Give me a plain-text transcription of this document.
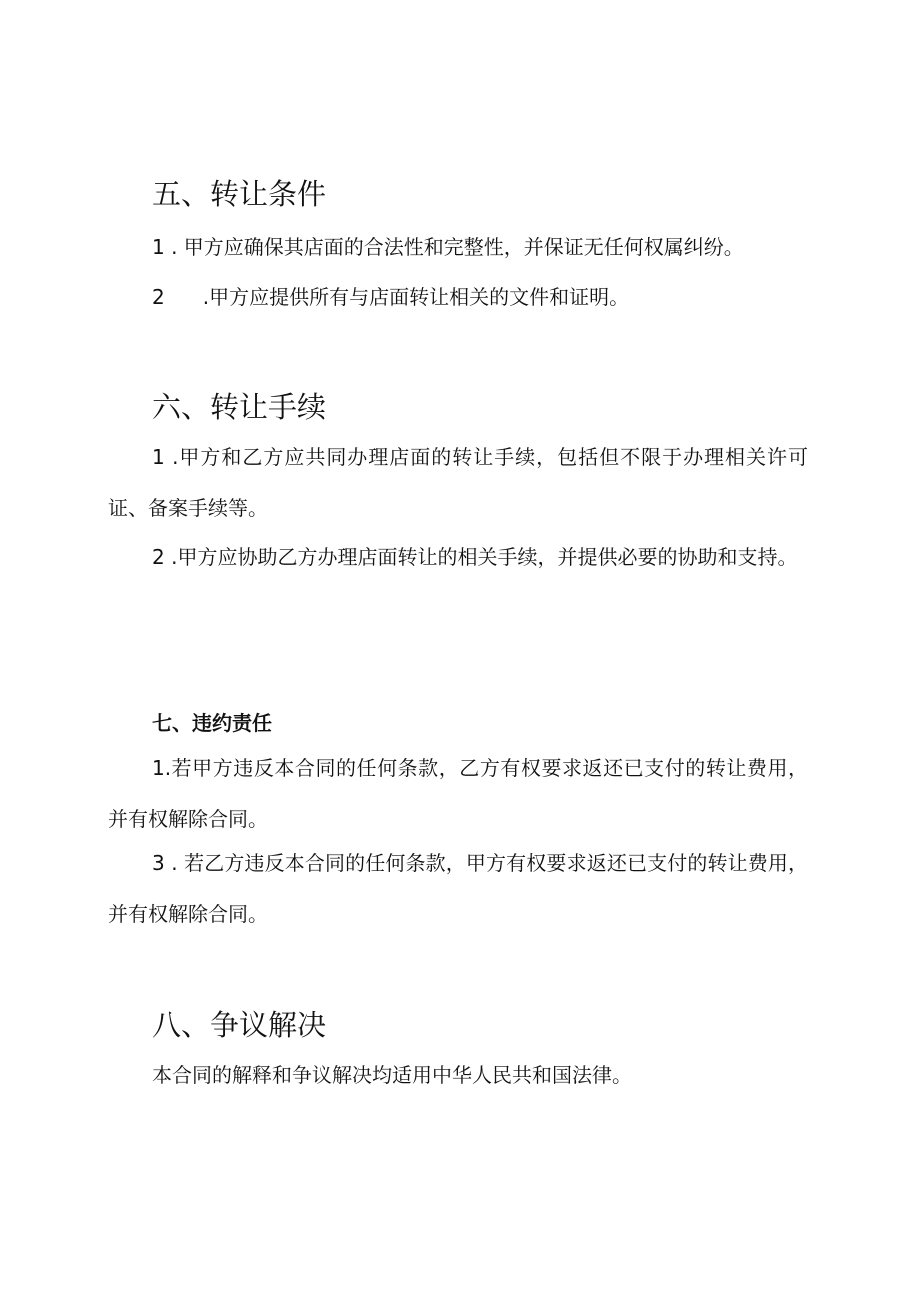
五、转让条件

1 . 甲方应确保其店面的合法性和完整性，并保证无任何权属纠纷。

2 .甲方应提供所有与店面转让相关的文件和证明。

六、转让手续

1 .甲方和乙方应共同办理店面的转让手续，包括但不限于办理相关许可证、备案手续等。

2 .甲方应协助乙方办理店面转让的相关手续，并提供必要的协助和支持。

七、违约责任

1.若甲方违反本合同的任何条款，乙方有权要求返还已支付的转让费用，并有权解除合同。

3 . 若乙方违反本合同的任何条款，甲方有权要求返还已支付的转让费用，并有权解除合同。

八、争议解决

本合同的解释和争议解决均适用中华人民共和国法律。
